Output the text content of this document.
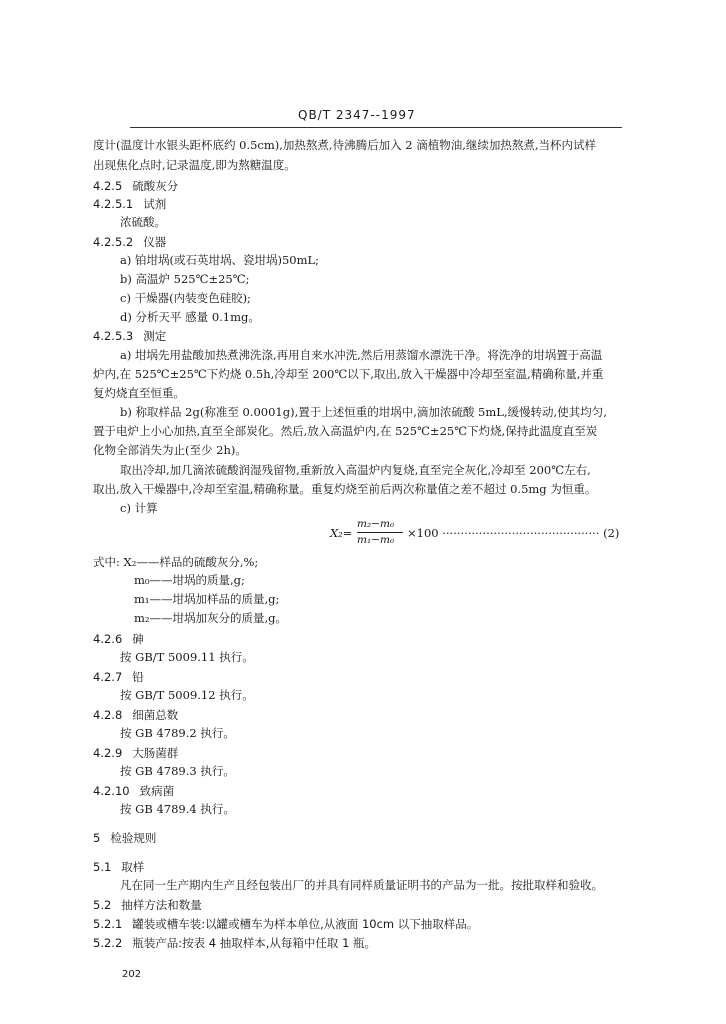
QB/T 2347--1997
度计(温度计水银头距杯底约 0.5cm),加热熬煮,待沸腾后加入 2 滴植物油,继续加热熬煮,当杯内试样
出现焦化点时,记录温度,即为熬糖温度。
4.2.5 硫酸灰分
4.2.5.1 试剂
浓硫酸。
4.2.5.2 仪器
a) 铂坩埚(或石英坩埚、瓷坩埚)50mL;
b) 高温炉 525℃±25℃;
c) 干燥器(内装变色硅胶);
d) 分析天平 感量 0.1mg。
4.2.5.3 测定
a) 坩埚先用盐酸加热煮沸洗涤,再用自来水冲洗,然后用蒸馏水漂洗干净。将洗净的坩埚置于高温
炉内,在 525℃±25℃下灼烧 0.5h,冷却至 200℃以下,取出,放入干燥器中冷却至室温,精确称量,并重
复灼烧直至恒重。
b) 称取样品 2g(称准至 0.0001g),置于上述恒重的坩埚中,滴加浓硫酸 5mL,缓慢转动,使其均匀,
置于电炉上小心加热,直至全部炭化。然后,放入高温炉内,在 525℃±25℃下灼烧,保持此温度直至炭
化物全部消失为止(至少 2h)。
取出冷却,加几滴浓硫酸润湿残留物,重新放入高温炉内复烧,直至完全灰化,冷却至 200℃左右,
取出,放入干燥器中,冷却至室温,精确称量。重复灼烧至前后两次称量值之差不超过 0.5mg 为恒重。
c) 计算
X₂=
m₂−m₀
m₁−m₀ ×100 ··········································· (2)
式中: X₂——样品的硫酸灰分,%;
m₀——坩埚的质量,g;
m₁——坩埚加样品的质量,g;
m₂——坩埚加灰分的质量,g。
4.2.6 砷
按 GB/T 5009.11 执行。
4.2.7 铅
按 GB/T 5009.12 执行。
4.2.8 细菌总数
按 GB 4789.2 执行。
4.2.9 大肠菌群
按 GB 4789.3 执行。
4.2.10 致病菌
按 GB 4789.4 执行。
5 检验规则
5.1 取样
凡在同一生产期内生产且经包装出厂的并具有同样质量证明书的产品为一批。按批取样和验收。
5.2 抽样方法和数量
5.2.1 罐装或槽车装:以罐或槽车为样本单位,从液面 10cm 以下抽取样品。
5.2.2 瓶装产品:按表 4 抽取样本,从每箱中任取 1 瓶。
202
